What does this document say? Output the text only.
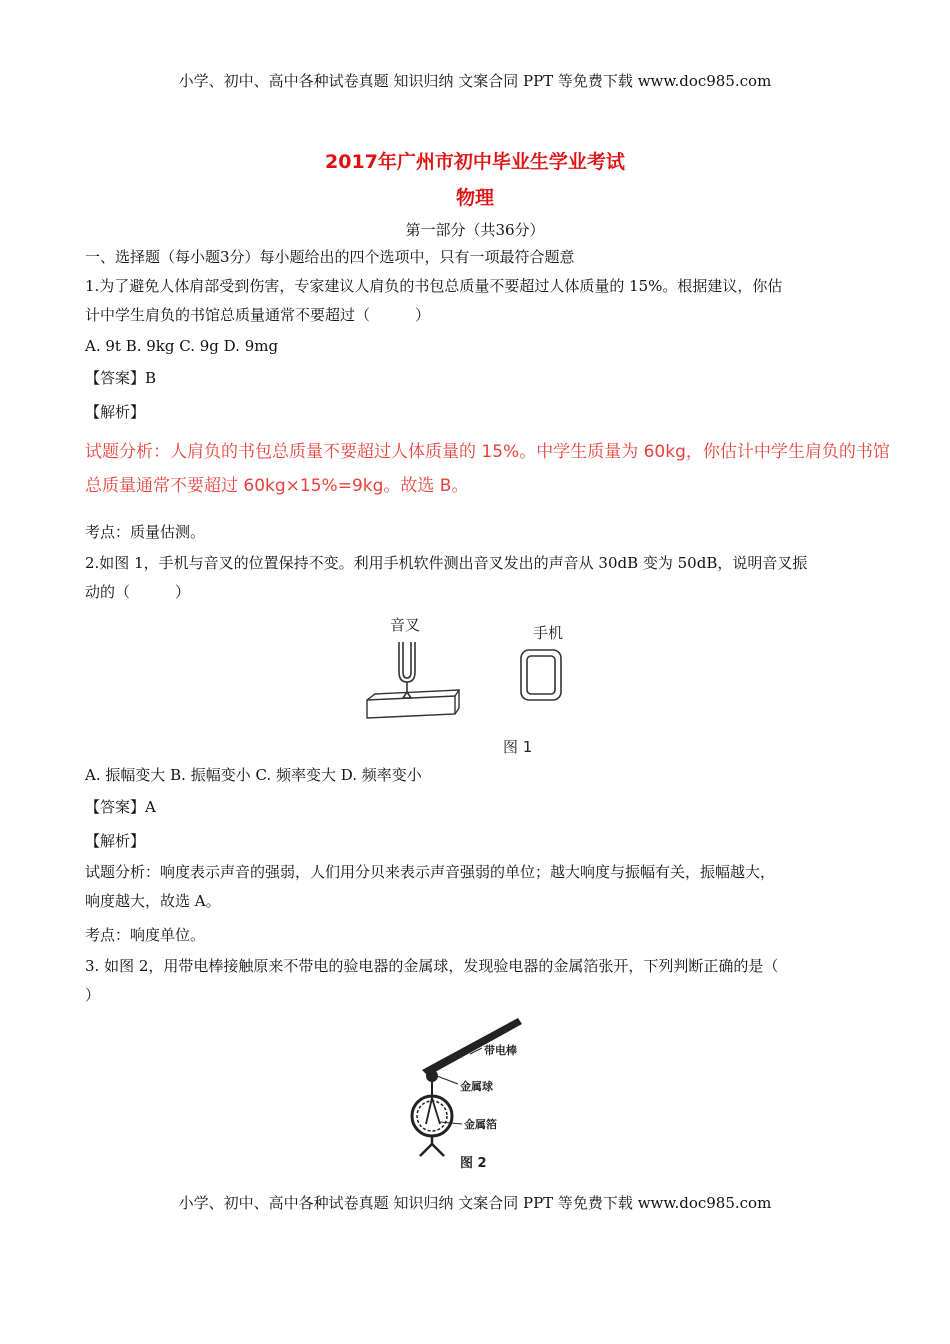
小学、初中、高中各种试卷真题 知识归纳 文案合同 PPT 等免费下载 www.doc985.com
2017年广州市初中毕业生学业考试
物理
第一部分（共36分）
一、选择题（每小题3分）每小题给出的四个选项中，只有一项最符合题意
1.为了避免人体肩部受到伤害，专家建议人肩负的书包总质量不要超过人体质量的 15%。根据建议，你估
计中学生肩负的书馆总质量通常不要超过（　　　）
A. 9t B. 9kg C. 9g D. 9mg
【答案】B
【解析】
试题分析：人肩负的书包总质量不要超过人体质量的 15%。中学生质量为 60kg，你估计中学生肩负的书馆
总质量通常不要超过 60kg×15%=9kg。故选 B。
考点：质量估测。
2.如图 1，手机与音叉的位置保持不变。利用手机软件测出音叉发出的声音从 30dB 变为 50dB，说明音叉振
动的（　　　）
音叉	手机
图 1
A. 振幅变大 B. 振幅变小 C. 频率变大 D. 频率变小
【答案】A
【解析】
试题分析：响度表示声音的强弱，人们用分贝来表示声音强弱的单位；越大响度与振幅有关，振幅越大，
响度越大，故选 A。
考点：响度单位。
3. 如图 2，用带电棒接触原来不带电的验电器的金属球，发现验电器的金属箔张开，下列判断正确的是（
）
带电棒
金属球
金属箔
图 2
小学、初中、高中各种试卷真题 知识归纳 文案合同 PPT 等免费下载 www.doc985.com
